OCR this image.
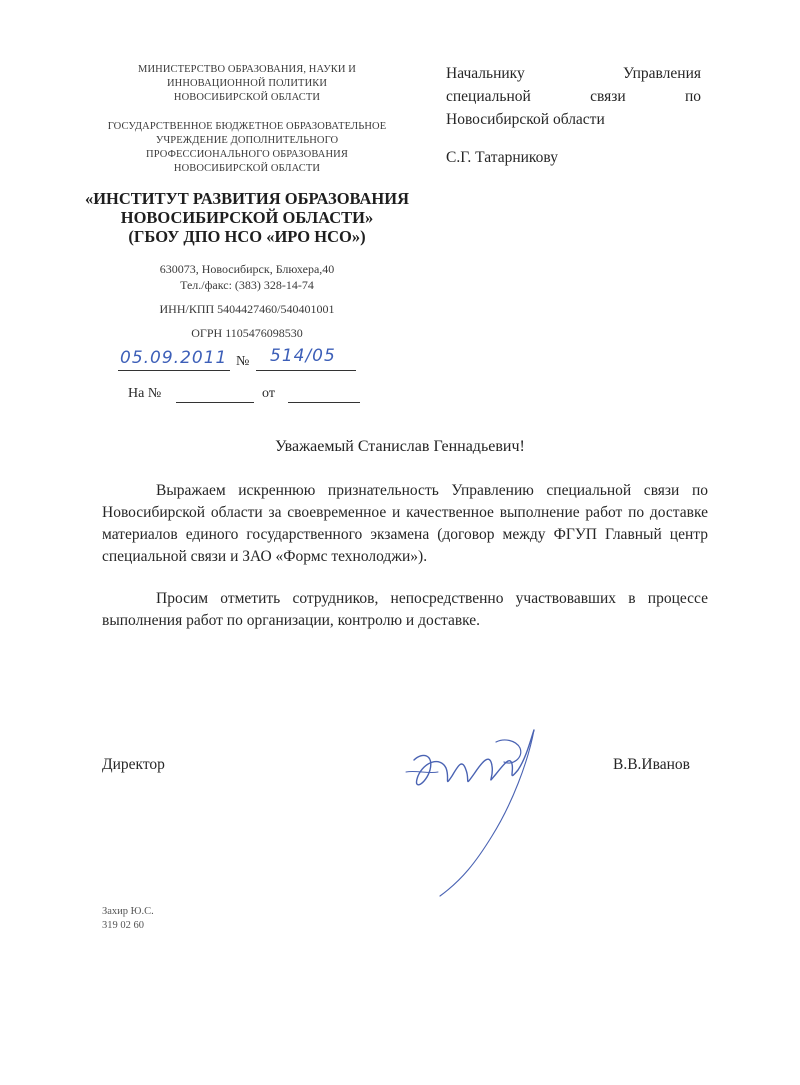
МИНИСТЕРСТВО ОБРАЗОВАНИЯ, НАУКИ И
ИННОВАЦИОННОЙ ПОЛИТИКИ
НОВОСИБИРСКОЙ ОБЛАСТИ
ГОСУДАРСТВЕННОЕ БЮДЖЕТНОЕ ОБРАЗОВАТЕЛЬНОЕ
УЧРЕЖДЕНИЕ ДОПОЛНИТЕЛЬНОГО
ПРОФЕССИОНАЛЬНОГО ОБРАЗОВАНИЯ
НОВОСИБИРСКОЙ ОБЛАСТИ
«ИНСТИТУТ РАЗВИТИЯ ОБРАЗОВАНИЯ
НОВОСИБИРСКОЙ ОБЛАСТИ»
(ГБОУ ДПО НСО «ИРО НСО»)
630073, Новосибирск, Блюхера,40
Тел./факс: (383) 328-14-74
ИНН/КПП 5404427460/540401001
ОГРН 1105476098530
05.09.2011 № 514/05
На №	от
Начальнику Управления
специальной связи по
Новосибирской области
С.Г. Татарникову
Уважаемый Станислав Геннадьевич!
Выражаем искреннюю признательность Управлению специальной связи по Новосибирской области за своевременное и качественное выполнение работ по доставке материалов единого государственного экзамена (договор между ФГУП Главный центр специальной связи и ЗАО «Формс технолоджи»).
Просим отметить сотрудников, непосредственно участвовавших в процессе выполнения работ по организации, контролю и доставке.
Директор	В.В.Иванов
Захир Ю.С.
319 02 60
